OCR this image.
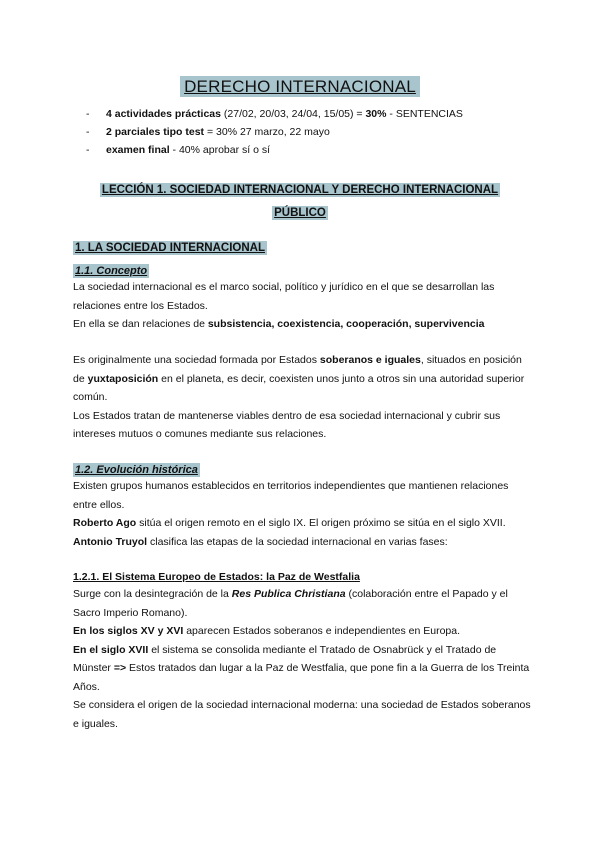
DERECHO INTERNACIONAL
- 4 actividades prácticas (27/02, 20/03, 24/04, 15/05) = 30% - SENTENCIAS
- 2 parciales tipo test = 30% 27 marzo, 22 mayo
- examen final - 40% aprobar sí o sí
LECCIÓN 1. SOCIEDAD INTERNACIONAL Y DERECHO INTERNACIONAL
PÚBLICO
1. LA SOCIEDAD INTERNACIONAL
1.1. Concepto

La sociedad internacional es el marco social, político y jurídico en el que se desarrollan las relaciones entre los Estados.
En ella se dan relaciones de subsistencia, coexistencia, cooperación, supervivencia

Es originalmente una sociedad formada por Estados soberanos e iguales, situados en posición de yuxtaposición en el planeta, es decir, coexisten unos junto a otros sin una autoridad superior común.
Los Estados tratan de mantenerse viables dentro de esa sociedad internacional y cubrir sus intereses mutuos o comunes mediante sus relaciones.

1.2. Evolución histórica

Existen grupos humanos establecidos en territorios independientes que mantienen relaciones entre ellos.
Roberto Ago sitúa el origen remoto en el siglo IX. El origen próximo se sitúa en el siglo XVII. Antonio Truyol clasifica las etapas de la sociedad internacional en varias fases:

1.2.1. El Sistema Europeo de Estados: la Paz de Westfalia

Surge con la desintegración de la Res Publica Christiana (colaboración entre el Papado y el Sacro Imperio Romano).
En los siglos XV y XVI aparecen Estados soberanos e independientes en Europa.
En el siglo XVII el sistema se consolida mediante el Tratado de Osnabrück y el Tratado de Münster => Estos tratados dan lugar a la Paz de Westfalia, que pone fin a la Guerra de los Treinta Años.
Se considera el origen de la sociedad internacional moderna: una sociedad de Estados soberanos e iguales.
